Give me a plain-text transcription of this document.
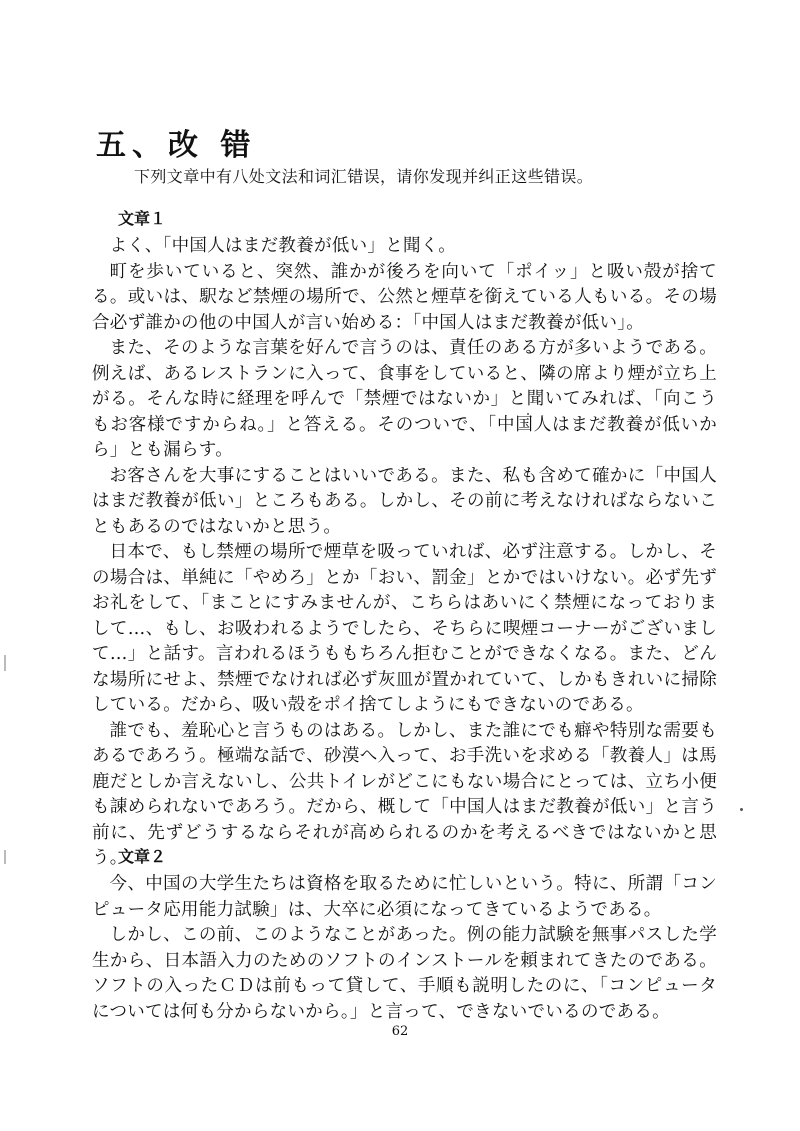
五、改 错
下列文章中有八处文法和词汇错误，请你发现并纠正这些错误。
文章１

よく、「中国人はまだ教養が低い」と聞く。

町を歩いていると、突然、誰かが後ろを向いて「ポイッ」と吸い殻が捨てる。或いは、駅など禁煙の場所で、公然と煙草を銜えている人もいる。その場合必ず誰かの他の中国人が言い始める：「中国人はまだ教養が低い」。

また、そのような言葉を好んで言うのは、責任のある方が多いようである。例えば、あるレストランに入って、食事をしていると、隣の席より煙が立ち上がる。そんな時に経理を呼んで「禁煙ではないか」と聞いてみれば、「向こうもお客様ですからね。」と答える。そのついで、「中国人はまだ教養が低いから」とも漏らす。

お客さんを大事にすることはいいである。また、私も含めて確かに「中国人はまだ教養が低い」ところもある。しかし、その前に考えなければならないこともあるのではないかと思う。

日本で、もし禁煙の場所で煙草を吸っていれば、必ず注意する。しかし、その場合は、単純に「やめろ」とか「おい、罰金」とかではいけない。必ず先ずお礼をして、「まことにすみませんが、こちらはあいにく禁煙になっておりまして…、もし、お吸われるようでしたら、そちらに喫煙コーナーがございまして…」と話す。言われるほうももちろん拒むことができなくなる。また、どんな場所にせよ、禁煙でなければ必ず灰皿が置かれていて、しかもきれいに掃除している。だから、吸い殻をポイ捨てしようにもできないのである。

誰でも、羞恥心と言うものはある。しかし、また誰にでも癖や特別な需要もあるであろう。極端な話で、砂漠へ入って、お手洗いを求める「教養人」は馬鹿だとしか言えないし、公共トイレがどこにもない場合にとっては、立ち小便も諌められないであろう。だから、概して「中国人はまだ教養が低い」と言う前に、先ずどうするならそれが高められるのかを考えるべきではないかと思う。

文章２

今、中国の大学生たちは資格を取るために忙しいという。特に、所謂「コンピュータ応用能力試験」は、大卒に必須になってきているようである。

しかし、この前、このようなことがあった。例の能力試験を無事パスした学生から、日本語入力のためのソフトのインストールを頼まれてきたのである。ソフトの入ったＣＤは前もって貸して、手順も説明したのに、「コンピュータについては何も分からないから。」と言って、できないでいるのである。

62
